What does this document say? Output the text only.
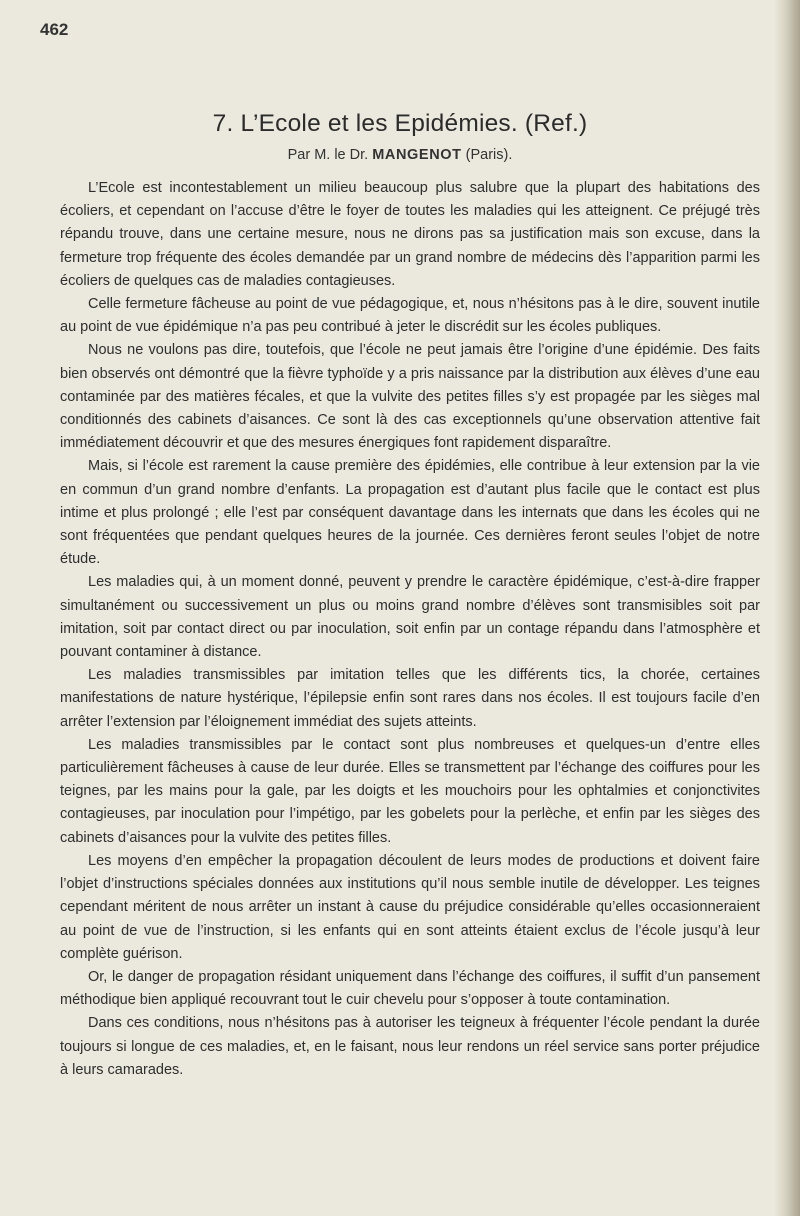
462
7. L’Ecole et les Epidémies. (Ref.)
Par M. le Dr. MANGENOT (Paris).

L’Ecole est incontestablement un milieu beaucoup plus salubre que la plupart des habitations des écoliers, et cependant on l’accuse d’être le foyer de toutes les maladies qui les atteignent. Ce préjugé très répandu trouve, dans une certaine mesure, nous ne dirons pas sa justification mais son excuse, dans la fermeture trop fréquente des écoles demandée par un grand nombre de médecins dès l’apparition parmi les écoliers de quelques cas de maladies contagieuses.

Celle fermeture fâcheuse au point de vue pédagogique, et, nous n’hésitons pas à le dire, souvent inutile au point de vue épidémique n’a pas peu contribué à jeter le discrédit sur les écoles publiques.

Nous ne voulons pas dire, toutefois, que l’école ne peut jamais être l’origine d’une épidémie. Des faits bien observés ont démontré que la fièvre typhoïde y a pris naissance par la distribution aux élèves d’une eau contaminée par des matières fécales, et que la vulvite des petites filles s’y est propagée par les sièges mal conditionnés des cabinets d’aisances. Ce sont là des cas exceptionnels qu’une observation attentive fait immédiatement découvrir et que des mesures énergiques font rapidement disparaître.

Mais, si l’école est rarement la cause première des épidémies, elle contribue à leur extension par la vie en commun d’un grand nombre d’enfants. La propagation est d’autant plus facile que le contact est plus intime et plus prolongé ; elle l’est par conséquent davantage dans les internats que dans les écoles qui ne sont fréquentées que pendant quelques heures de la journée. Ces dernières feront seules l’objet de notre étude.

Les maladies qui, à un moment donné, peuvent y prendre le caractère épidémique, c’est-à-dire frapper simultanément ou successivement un plus ou moins grand nombre d’élèves sont transmisibles soit par imitation, soit par contact direct ou par inoculation, soit enfin par un contage répandu dans l’atmosphère et pouvant contaminer à distance.

Les maladies transmissibles par imitation telles que les différents tics, la chorée, certaines manifestations de nature hystérique, l’épilepsie enfin sont rares dans nos écoles. Il est toujours facile d’en arrêter l’extension par l’éloignement immédiat des sujets atteints.

Les maladies transmissibles par le contact sont plus nombreuses et quelques-un d’entre elles particulièrement fâcheuses à cause de leur durée. Elles se transmettent par l’échange des coiffures pour les teignes, par les mains pour la gale, par les doigts et les mouchoirs pour les ophtalmies et conjonctivites contagieuses, par inoculation pour l’impétigo, par les gobelets pour la perlèche, et enfin par les sièges des cabinets d’aisances pour la vulvite des petites filles.

Les moyens d’en empêcher la propagation découlent de leurs modes de productions et doivent faire l’objet d’instructions spéciales données aux institutions qu’il nous semble inutile de développer. Les teignes cependant méritent de nous arrêter un instant à cause du préjudice considérable qu’elles occasionneraient au point de vue de l’instruction, si les enfants qui en sont atteints étaient exclus de l’école jusqu’à leur complète guérison.

Or, le danger de propagation résidant uniquement dans l’échange des coiffures, il suffit d’un pansement méthodique bien appliqué recouvrant tout le cuir chevelu pour s’opposer à toute contamination.

Dans ces conditions, nous n’hésitons pas à autoriser les teigneux à fréquenter l’école pendant la durée toujours si longue de ces maladies, et, en le faisant, nous leur rendons un réel service sans porter préjudice à leurs camarades.
